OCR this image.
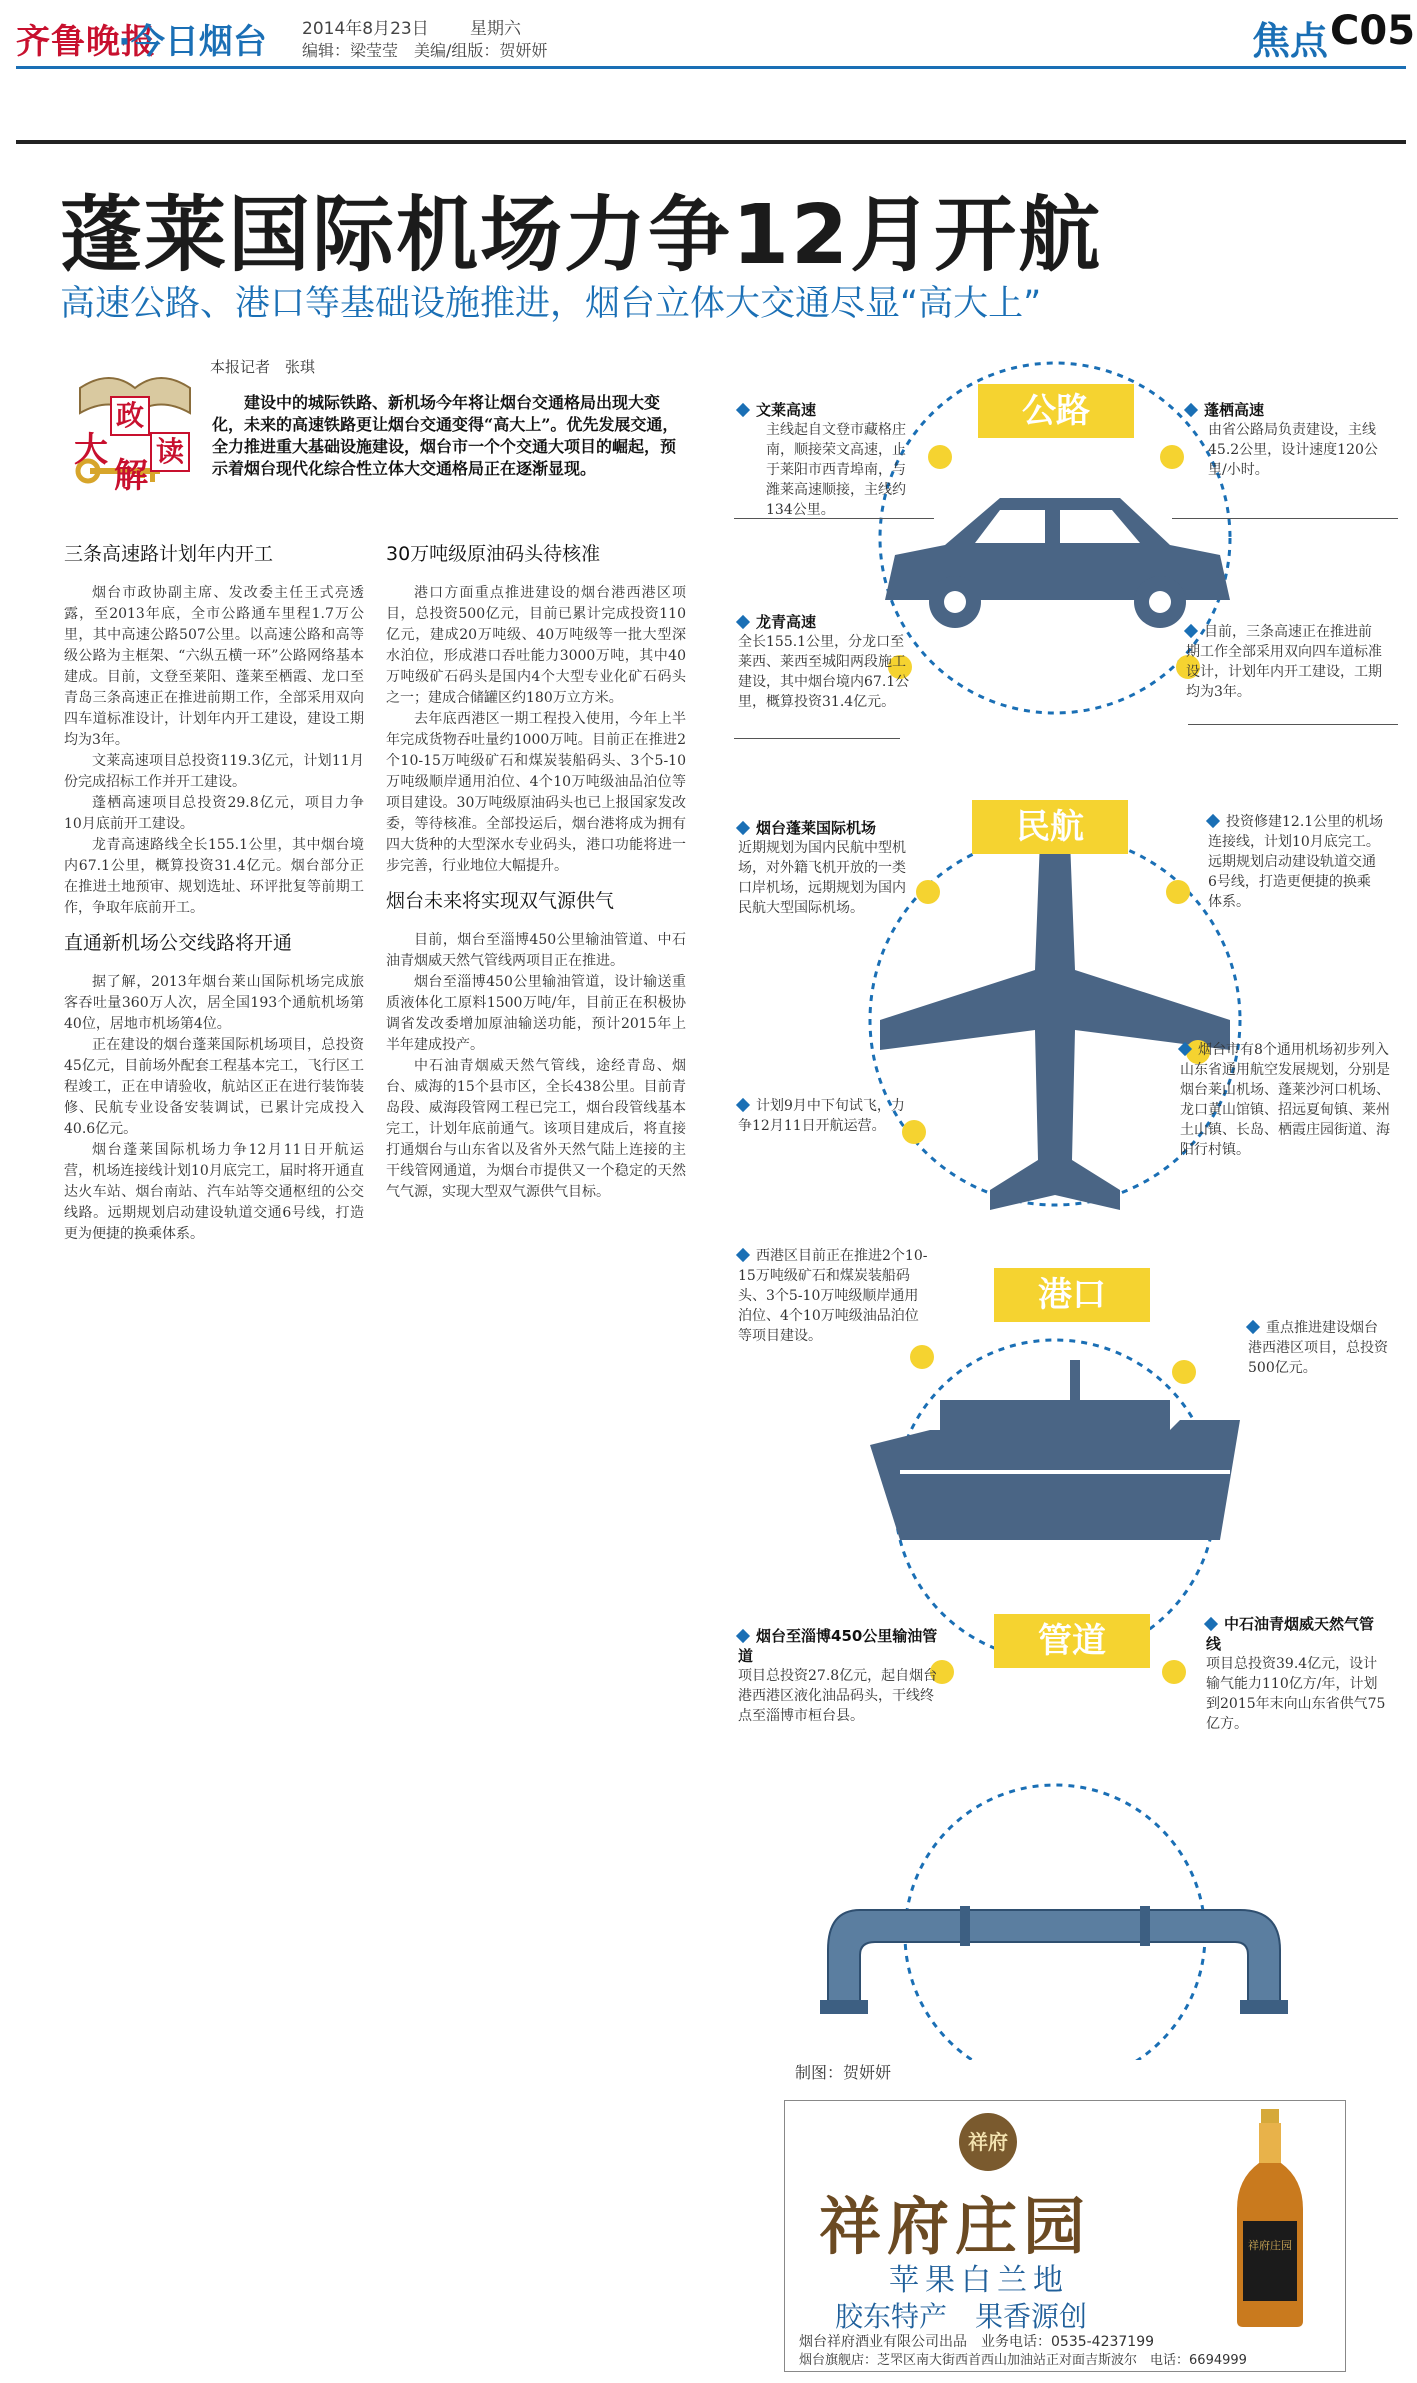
齐鲁晚报
·今日烟台 2014年8月23日 星期六
编辑：梁莹莹　美编/组版：贺妍妍	焦点 C05
蓬莱国际机场力争12月开航
高速公路、港口等基础设施推进，烟台立体大交通尽显“高大上”
政
大 读
解
本报记者　张琪
建设中的城际铁路、新机场今年将让烟台交通格局出现大变化，未来的高速铁路更让烟台交通变得“高大上”。优先发展交通，全力推进重大基础设施建设，烟台市一个个交通大项目的崛起，预示着烟台现代化综合性立体大交通格局正在逐渐显现。
三条高速路计划年内开工

烟台市政协副主席、发改委主任王式亮透露，至2013年底，全市公路通车里程1.7万公里，其中高速公路507公里。以高速公路和高等级公路为主框架、“六纵五横一环”公路网络基本建成。目前，文登至莱阳、蓬莱至栖霞、龙口至青岛三条高速正在推进前期工作，全部采用双向四车道标准设计，计划年内开工建设，建设工期均为3年。

文莱高速项目总投资119.3亿元，计划11月份完成招标工作并开工建设。

蓬栖高速项目总投资29.8亿元，项目力争10月底前开工建设。

龙青高速路线全长155.1公里，其中烟台境内67.1公里，概算投资31.4亿元。烟台部分正在推进土地预审、规划选址、环评批复等前期工作，争取年底前开工。

直通新机场公交线路将开通

据了解，2013年烟台莱山国际机场完成旅客吞吐量360万人次，居全国193个通航机场第40位，居地市机场第4位。

正在建设的烟台蓬莱国际机场项目，总投资45亿元，目前场外配套工程基本完工，飞行区工程竣工，正在申请验收，航站区正在进行装饰装修、民航专业设备安装调试，已累计完成投入40.6亿元。

烟台蓬莱国际机场力争12月11日开航运营，机场连接线计划10月底完工，届时将开通直达火车站、烟台南站、汽车站等交通枢纽的公交线路。远期规划启动建设轨道交通6号线，打造更为便捷的换乘体系。

30万吨级原油码头待核准

港口方面重点推进建设的烟台港西港区项目，总投资500亿元，目前已累计完成投资110亿元，建成20万吨级、40万吨级等一批大型深水泊位，形成港口吞吐能力3000万吨，其中40万吨级矿石码头是国内4个大型专业化矿石码头之一；建成合储罐区约180万立方米。

去年底西港区一期工程投入使用，今年上半年完成货物吞吐量约1000万吨。目前正在推进2个10-15万吨级矿石和煤炭装船码头、3个5-10万吨级顺岸通用泊位、4个10万吨级油品泊位等项目建设。30万吨级原油码头也已上报国家发改委，等待核准。全部投运后，烟台港将成为拥有四大货种的大型深水专业码头，港口功能将进一步完善，行业地位大幅提升。

烟台未来将实现双气源供气

目前，烟台至淄博450公里输油管道、中石油青烟威天然气管线两项目正在推进。

烟台至淄博450公里输油管道，设计输送重质液体化工原料1500万吨/年，目前正在积极协调省发改委增加原油输送功能，预计2015年上半年建成投产。

中石油青烟威天然气管线，途经青岛、烟台、威海的15个县市区，全长438公里。目前青岛段、威海段管网工程已完工，烟台段管线基本完工，计划年底前通气。该项目建成后，将直接打通烟台与山东省以及省外天然气陆上连接的主干线管网通道，为烟台市提供又一个稳定的天然气气源，实现大型双气源供气目标。

公路
民航
港口
管道
文莱高速
主线起自文登市藏格庄南，顺接荣文高速，止于莱阳市西青埠南，与潍莱高速顺接，主线约134公里。
蓬栖高速
由省公路局负责建设，主线45.2公里，设计速度120公里/小时。
龙青高速
全长155.1公里，分龙口至莱西、莱西至城阳两段施工建设，其中烟台境内67.1公里，概算投资31.4亿元。
目前，三条高速正在推进前期工作全部采用双向四车道标准设计，计划年内开工建设，工期均为3年。
烟台蓬莱国际机场
近期规划为国内民航中型机场，对外籍飞机开放的一类口岸机场，远期规划为国内民航大型国际机场。
投资修建12.1公里的机场连接线，计划10月底完工。远期规划启动建设轨道交通6号线，打造更便捷的换乘体系。
计划9月中下旬试飞，力争12月11日开航运营。
烟台市有8个通用机场初步列入山东省通用航空发展规划，分别是烟台莱山机场、蓬莱沙河口机场、龙口黄山馆镇、招远夏甸镇、莱州土山镇、长岛、栖霞庄园街道、海阳行村镇。
西港区目前正在推进2个10-15万吨级矿石和煤炭装船码头、3个5-10万吨级顺岸通用泊位、4个10万吨级油品泊位等项目建设。	重点推进建设烟台港西港区项目，总投资500亿元。
烟台至淄博450公里输油管道
项目总投资27.8亿元，起自烟台港西港区液化油品码头，干线终点至淄博市桓台县。
中石油青烟威天然气管线
项目总投资39.4亿元，设计输气能力110亿方/年，计划到2015年末向山东省供气75亿方。
制图：贺妍妍
祥府
祥府庄园
苹果白兰地
胶东特产　果香源创
烟台祥府酒业有限公司出品　 业务电话：0535-4237199
烟台旗舰店：芝罘区南大街西首西山加油站正对面吉斯波尔　 电话：6694999
祥府庄园
